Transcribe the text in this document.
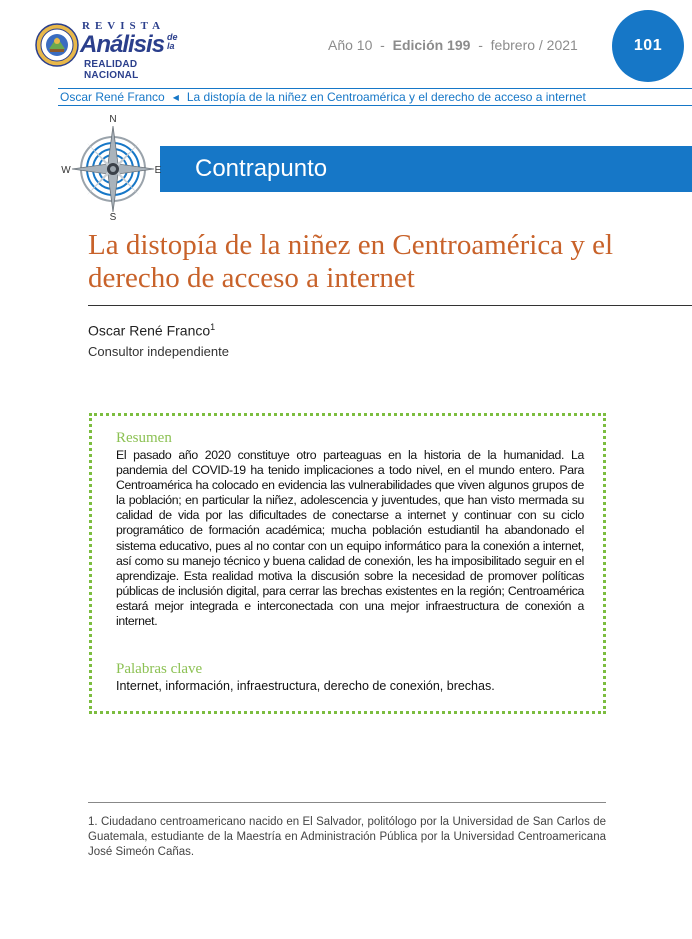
REVISTA
Análisis de
la
REALIDAD NACIONAL
Año 10 - Edición 199 - febrero / 2021	101
Oscar René Franco ◀ La distopía de la niñez en Centroamérica y el derecho de acceso a internet
Contrapunto
N
S
W	E
La distopía de la niñez en Centroamérica y el derecho de acceso a internet
Oscar René Franco$^1$
Consultor independiente
Resumen
El pasado año 2020 constituye otro parteaguas en la historia de la humanidad. La pandemia del COVID-19 ha tenido implicaciones a todo nivel, en el mundo entero. Para Centroamérica ha colocado en evidencia las vulnerabilidades que viven algunos grupos de la población; en particular la niñez, adolescencia y juventudes, que han visto mermada su calidad de vida por las dificultades de conectarse a internet y continuar con su ciclo programático de formación académica; mucha población estudiantil ha abandonado el sistema educativo, pues al no contar con un equipo informático para la conexión a internet, así como su manejo técnico y buena calidad de conexión, les ha imposibilitado seguir en el aprendizaje. Esta realidad motiva la discusión sobre la necesidad de promover políticas públicas de inclusión digital, para cerrar las brechas existentes en la región; Centroamérica estará mejor integrada e interconectada con una mejor infraestructura de conexión a internet.
Palabras clave
Internet, información, infraestructura, derecho de conexión, brechas.
1. Ciudadano centroamericano nacido en El Salvador, politólogo por la Universidad de San Carlos de Guatemala, estudiante de la Maestría en Administración Pública por la Universidad Centroamericana José Simeón Cañas.
